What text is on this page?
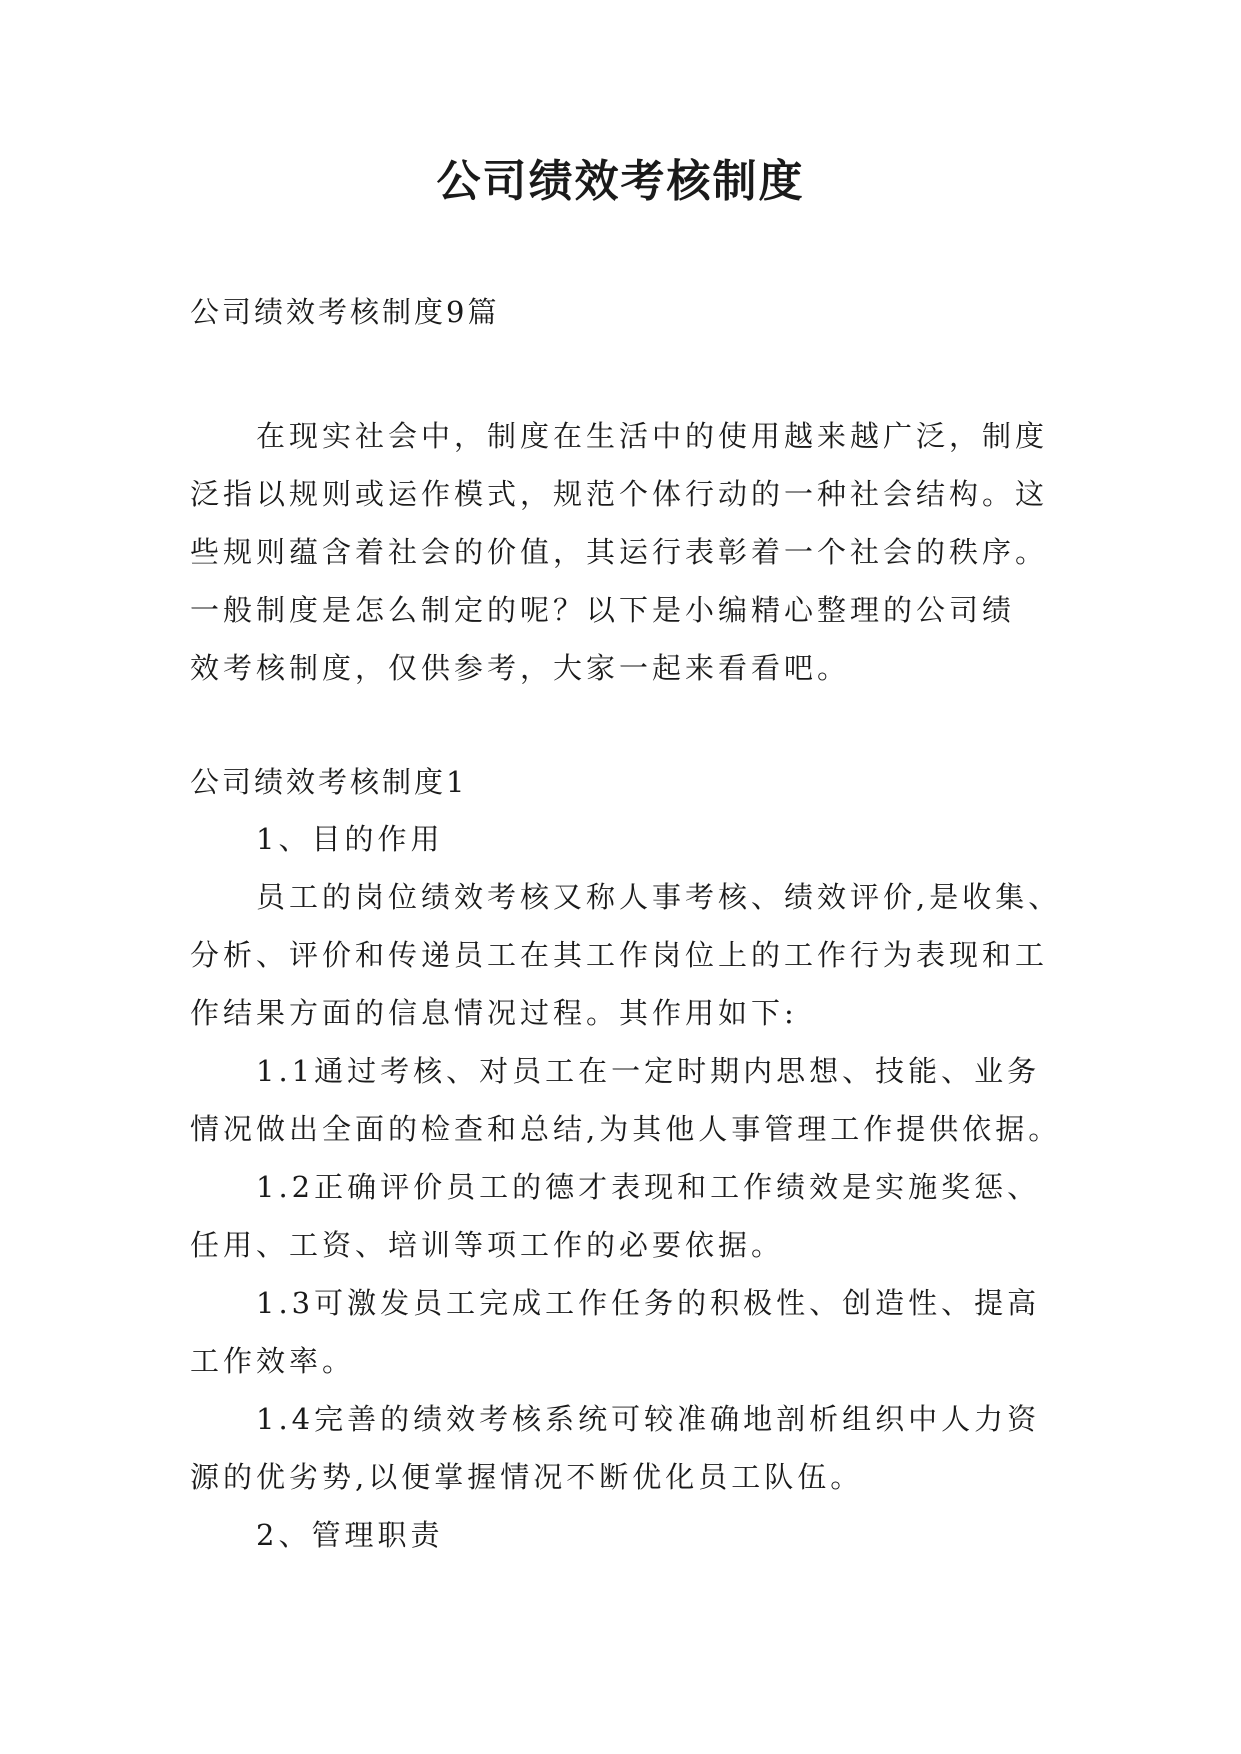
公司绩效考核制度
公司绩效考核制度9篇
在现实社会中，制度在生活中的使用越来越广泛，制度
泛指以规则或运作模式，规范个体行动的一种社会结构。这
些规则蕴含着社会的价值，其运行表彰着一个社会的秩序。
一般制度是怎么制定的呢？以下是小编精心整理的公司绩
效考核制度，仅供参考，大家一起来看看吧。
公司绩效考核制度1
1、目的作用
员工的岗位绩效考核又称人事考核、绩效评价,是收集、
分析、评价和传递员工在其工作岗位上的工作行为表现和工
作结果方面的信息情况过程。其作用如下:
1.1通过考核、对员工在一定时期内思想、技能、业务
情况做出全面的检查和总结,为其他人事管理工作提供依据。
1.2正确评价员工的德才表现和工作绩效是实施奖惩、
任用、工资、培训等项工作的必要依据。
1.3可激发员工完成工作任务的积极性、创造性、提高
工作效率。
1.4完善的绩效考核系统可较准确地剖析组织中人力资
源的优劣势,以便掌握情况不断优化员工队伍。
2、管理职责
